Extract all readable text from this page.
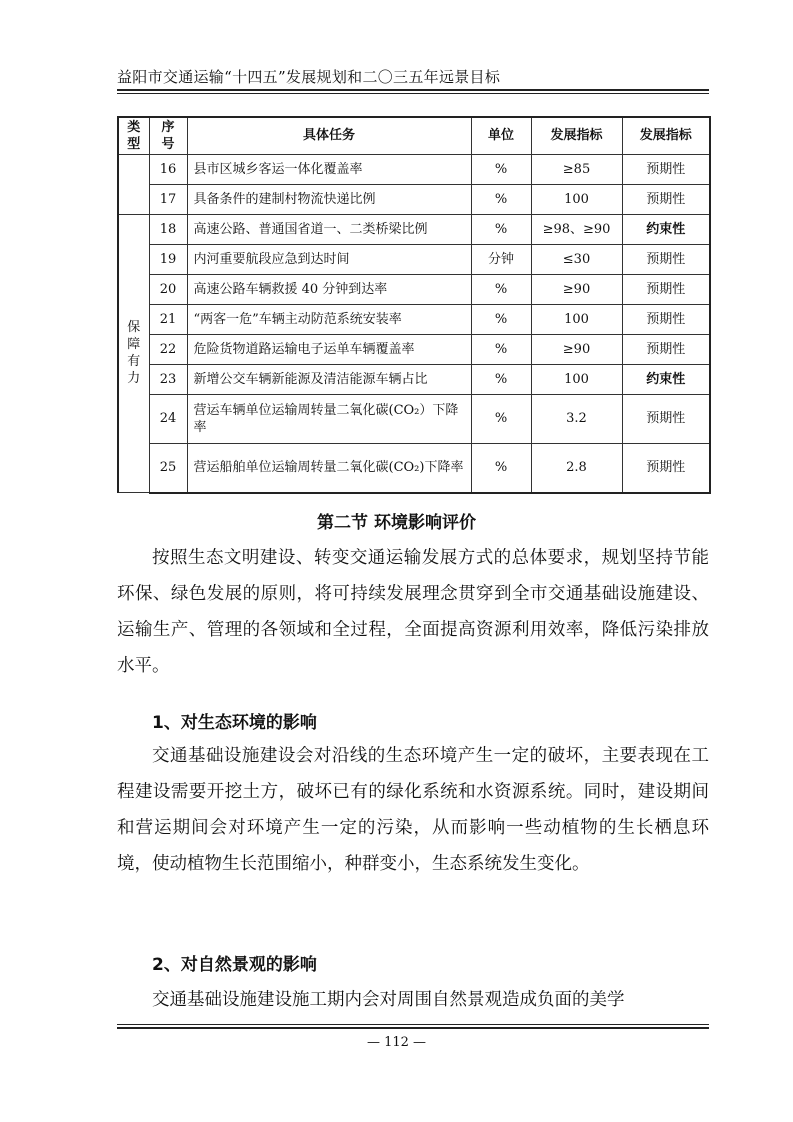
益阳市交通运输“十四五”发展规划和二〇三五年远景目标
类型	序号	具体任务	单位	发展指标	发展指标
	16	县市区城乡客运一体化覆盖率	%	≥85	预期性
	17	具备条件的建制村物流快递比例	%	100	预期性
保障有力	18	高速公路、普通国省道一、二类桥梁比例	%	≥98、≥90	约束性
	19	内河重要航段应急到达时间	分钟	≤30	预期性
	20	高速公路车辆救援 40 分钟到达率	%	≥90	预期性
	21	“两客一危”车辆主动防范系统安装率	%	100	预期性
	22	危险货物道路运输电子运单车辆覆盖率	%	≥90	预期性
	23	新增公交车辆新能源及清洁能源车辆占比	%	100	约束性
	24	营运车辆单位运输周转量二氧化碳(CO₂）下降率	%	3.2	预期性
	25	营运船舶单位运输周转量二氧化碳(CO₂)下降率	%	2.8	预期性
第二节 环境影响评价

按照生态文明建设、转变交通运输发展方式的总体要求，规划坚持节能环保、绿色发展的原则，将可持续发展理念贯穿到全市交通基础设施建设、运输生产、管理的各领域和全过程，全面提高资源利用效率，降低污染排放水平。

1、对生态环境的影响

交通基础设施建设会对沿线的生态环境产生一定的破坏，主要表现在工程建设需要开挖土方，破坏已有的绿化系统和水资源系统。同时，建设期间和营运期间会对环境产生一定的污染，从而影响一些动植物的生长栖息环境，使动植物生长范围缩小，种群变小，生态系统发生变化。

2、对自然景观的影响

交通基础设施建设施工期内会对周围自然景观造成负面的美学

— 112 —
